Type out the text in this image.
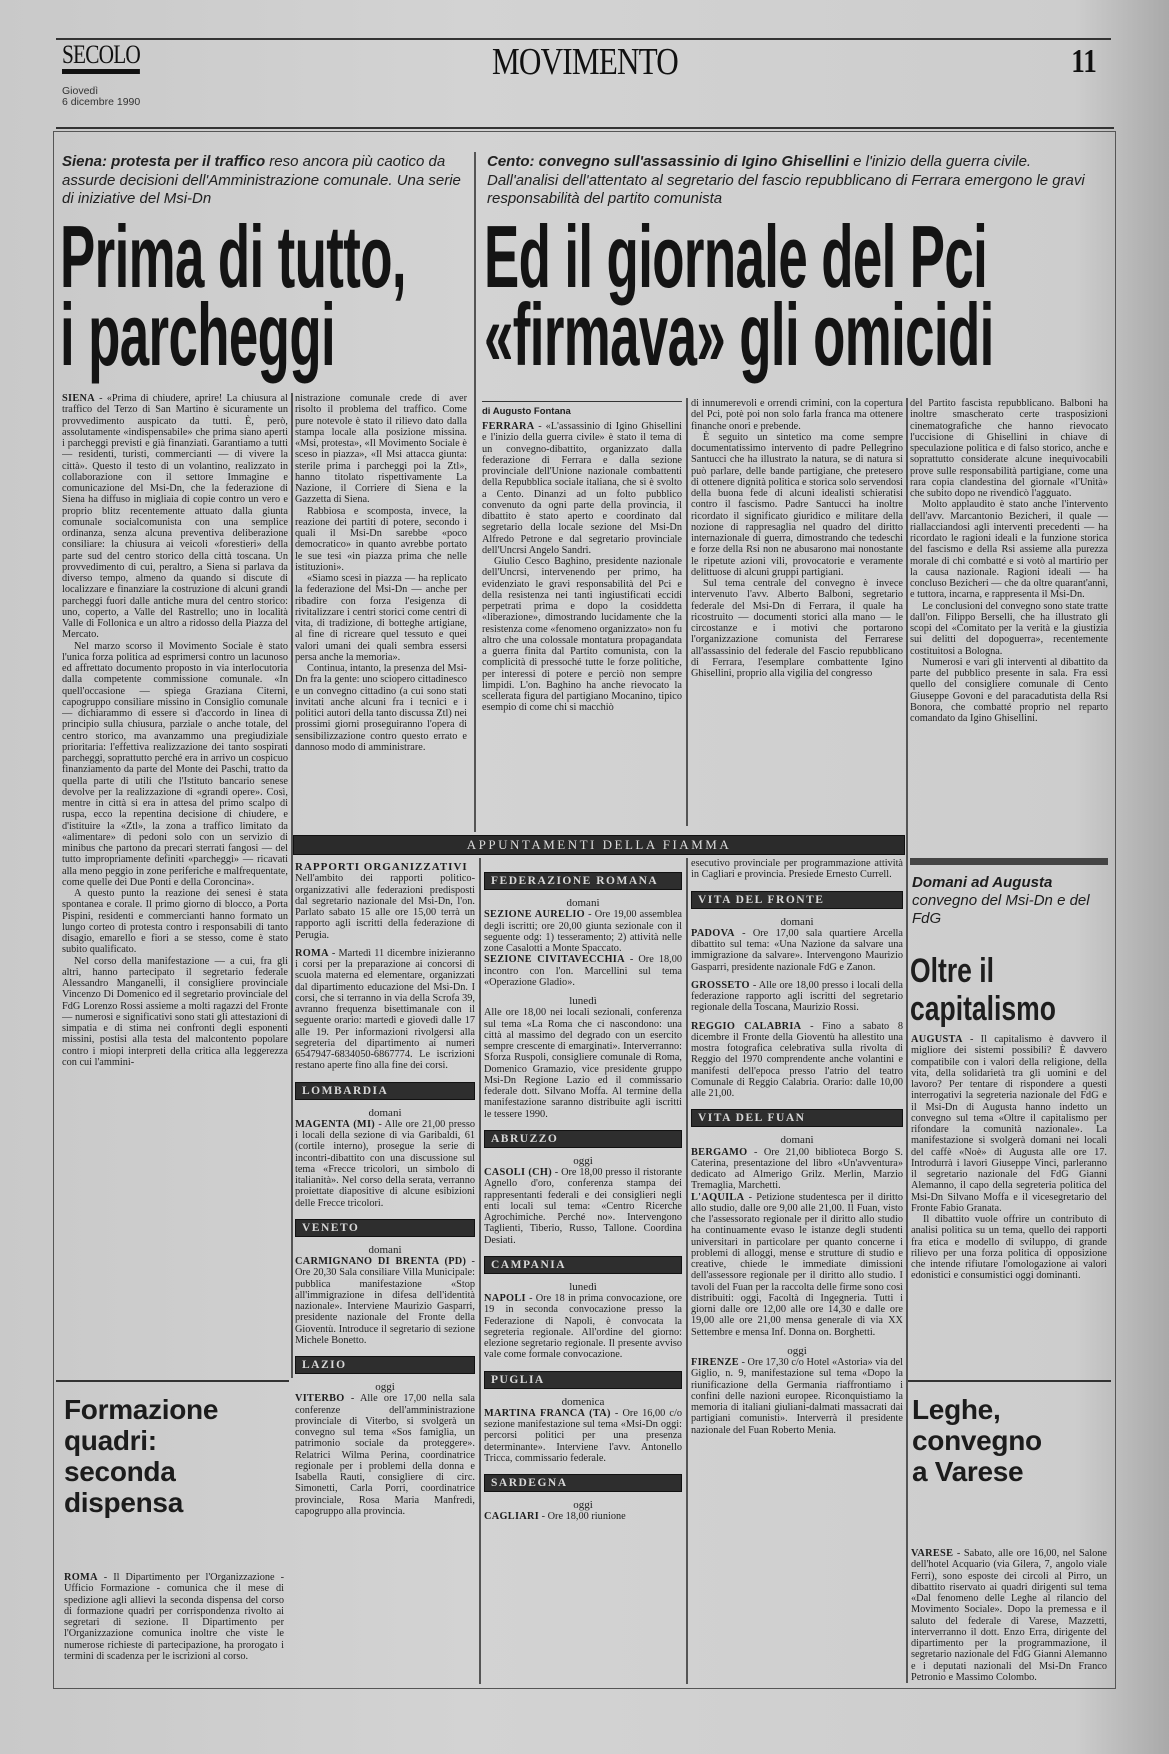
SECOLO
Giovedì
6 dicembre 1990
MOVIMENTO	11
Siena: protesta per il traffico reso ancora più caotico da assurde decisioni dell'Amministrazione comunale. Una serie di iniziative del Msi-Dn
Prima di tutto,
i parcheggi

SIENA - «Prima di chiudere, aprire! La chiusura al traffico del Terzo di San Martino è sicuramente un provvedimento auspicato da tutti. È, però, assolutamente «indispensabile» che prima siano aperti i parcheggi previsti e già finanziati. Garantiamo a tutti — residenti, turisti, commercianti — di vivere la città». Questo il testo di un volantino, realizzato in collaborazione con il settore Immagine e comunicazione del Msi-Dn, che la federazione di Siena ha diffuso in migliaia di copie contro un vero e proprio blitz recentemente attuato dalla giunta comunale socialcomunista con una semplice ordinanza, senza alcuna preventiva deliberazione consiliare: la chiusura ai veicoli «forestieri» della parte sud del centro storico della città toscana. Un provvedimento di cui, peraltro, a Siena si parlava da diverso tempo, almeno da quando si discute di localizzare e finanziare la costruzione di alcuni grandi parcheggi fuori dalle antiche mura del centro storico: uno, coperto, a Valle del Rastrello; uno in località Valle di Follonica e un altro a ridosso della Piazza del Mercato.

Nel marzo scorso il Movimento Sociale è stato l'unica forza politica ad esprimersi contro un lacunoso ed affrettato documento proposto in via interlocutoria dalla competente commissione comunale. «In quell'occasione — spiega Graziana Citerni, capogruppo consiliare missino in Consiglio comunale — dichiarammo di essere sì d'accordo in linea di principio sulla chiusura, parziale o anche totale, del centro storico, ma avanzammo una pregiudiziale prioritaria: l'effettiva realizzazione dei tanto sospirati parcheggi, soprattutto perché era in arrivo un cospicuo finanziamento da parte del Monte dei Paschi, tratto da quella parte di utili che l'Istituto bancario senese devolve per la realizzazione di «grandi opere». Così, mentre in città si era in attesa del primo scalpo di ruspa, ecco la repentina decisione di chiudere, e d'istituire la «Ztl», la zona a traffico limitato da «alimentare» di pedoni solo con un servizio di minibus che partono da precari sterrati fangosi — del tutto impropriamente definiti «parcheggi» — ricavati alla meno peggio in zone periferiche e malfrequentate, come quelle dei Due Ponti e della Coroncina».

A questo punto la reazione dei senesi è stata spontanea e corale. Il primo giorno di blocco, a Porta Pispini, residenti e commercianti hanno formato un lungo corteo di protesta contro i responsabili di tanto disagio, emarello e fiori a se stesso, come è stato subito qualificato.

Nel corso della manifestazione — a cui, fra gli altri, hanno partecipato il segretario federale Alessandro Manganelli, il consigliere provinciale Vincenzo Di Domenico ed il segretario provinciale del FdG Lorenzo Rossi assieme a molti ragazzi del Fronte — numerosi e significativi sono stati gli attestazioni di simpatia e di stima nei confronti degli esponenti missini, postisi alla testa del malcontento popolare contro i miopi interpreti della critica alla leggerezza con cui l'ammini-

nistrazione comunale crede di aver risolto il problema del traffico. Come pure notevole è stato il rilievo dato dalla stampa locale alla posizione missina. «Msi, protesta», «Il Movimento Sociale è sceso in piazza», «Il Msi attacca giunta: sterile prima i parcheggi poi la Ztl», hanno titolato rispettivamente La Nazione, il Corriere di Siena e la Gazzetta di Siena.

Rabbiosa e scomposta, invece, la reazione dei partiti di potere, secondo i quali il Msi-Dn sarebbe «poco democratico» in quanto avrebbe portato le sue tesi «in piazza prima che nelle istituzioni».

«Siamo scesi in piazza — ha replicato la federazione del Msi-Dn — anche per ribadire con forza l'esigenza di rivitalizzare i centri storici come centri di vita, di tradizione, di botteghe artigiane, al fine di ricreare quel tessuto e quei valori umani dei quali sembra essersi persa anche la memoria».

Continua, intanto, la presenza del Msi-Dn fra la gente: uno sciopero cittadinesco e un convegno cittadino (a cui sono stati invitati anche alcuni fra i tecnici e i politici autori della tanto discussa Ztl) nei prossimi giorni proseguiranno l'opera di sensibilizzazione contro questo errato e dannoso modo di amministrare.

Cento: convegno sull'assassinio di Igino Ghisellini e l'inizio della guerra civile. Dall'analisi dell'attentato al segretario del fascio repubblicano di Ferrara emergono le gravi responsabilità del partito comunista
Ed il giornale del Pci
«firmava» gli omicidi
di Augusto Fontana

FERRARA - «L'assassinio di Igino Ghisellini e l'inizio della guerra civile» è stato il tema di un convegno-dibattito, organizzato dalla federazione di Ferrara e dalla sezione provinciale dell'Unione nazionale combattenti della Repubblica sociale italiana, che si è svolto a Cento. Dinanzi ad un folto pubblico convenuto da ogni parte della provincia, il dibattito è stato aperto e coordinato dal segretario della locale sezione del Msi-Dn Alfredo Petrone e dal segretario provinciale dell'Uncrsi Angelo Sandri.

Giulio Cesco Baghino, presidente nazionale dell'Uncrsi, intervenendo per primo, ha evidenziato le gravi responsabilità del Pci e della resistenza nei tanti ingiustificati eccidi perpetrati prima e dopo la cosiddetta «liberazione», dimostrando lucidamente che la resistenza come «fenomeno organizzato» non fu altro che una colossale montatura propagandata a guerra finita dal Partito comunista, con la complicità di pressoché tutte le forze politiche, per interessi di potere e perciò non sempre limpidi. L'on. Baghino ha anche rievocato la scellerata figura del partigiano Mocanino, tipico esempio di come chi si macchiò

di innumerevoli e orrendi crimini, con la copertura del Pci, potè poi non solo farla franca ma ottenere finanche onori e prebende.

È seguito un sintetico ma come sempre documentatissimo intervento di padre Pellegrino Santucci che ha illustrato la natura, se di natura si può parlare, delle bande partigiane, che pretesero di ottenere dignità politica e storica solo servendosi della buona fede di alcuni idealisti schieratisi contro il fascismo. Padre Santucci ha inoltre ricordato il significato giuridico e militare della nozione di rappresaglia nel quadro del diritto internazionale di guerra, dimostrando che tedeschi e forze della Rsi non ne abusarono mai nonostante le ripetute azioni vili, provocatorie e veramente delittuose di alcuni gruppi partigiani.

Sul tema centrale del convegno è invece intervenuto l'avv. Alberto Balboni, segretario federale del Msi-Dn di Ferrara, il quale ha ricostruito — documenti storici alla mano — le circostanze e i motivi che portarono l'organizzazione comunista del Ferrarese all'assassinio del federale del Fascio repubblicano di Ferrara, l'esemplare combattente Igino Ghisellini, proprio alla vigilia del congresso

del Partito fascista repubblicano. Balboni ha inoltre smascherato certe trasposizioni cinematografiche che hanno rievocato l'uccisione di Ghisellini in chiave di speculazione politica e di falso storico, anche e soprattutto considerate alcune inequivocabili prove sulle responsabilità partigiane, come una rara copia clandestina del giornale «l'Unità» che subito dopo ne rivendicò l'agguato.

Molto applaudito è stato anche l'intervento dell'avv. Marcantonio Bezicheri, il quale — riallacciandosi agli interventi precedenti — ha ricordato le ragioni ideali e la funzione storica del fascismo e della Rsi assieme alla purezza morale di chi combatté e si votò al martirio per la causa nazionale. Ragioni ideali — ha concluso Bezicheri — che da oltre quarant'anni, e tuttora, incarna, e rappresenta il Msi-Dn.

Le conclusioni del convegno sono state tratte dall'on. Filippo Berselli, che ha illustrato gli scopi del «Comitato per la verità e la giustizia sui delitti del dopoguerra», recentemente costituitosi a Bologna.

Numerosi e vari gli interventi al dibattito da parte del pubblico presente in sala. Fra essi quello del consigliere comunale di Cento Giuseppe Govoni e del paracadutista della Rsi Bonora, che combatté proprio nel reparto comandato da Igino Ghisellini.

APPUNTAMENTI DELLA FIAMMA

RAPPORTI ORGANIZZATIVI

Nell'ambito dei rapporti politico-organizzativi alle federazioni predisposti dal segretario nazionale del Msi-Dn, l'on. Parlato sabato 15 alle ore 15,00 terrà un rapporto agli iscritti della federazione di Perugia.

ROMA - Martedì 11 dicembre inizieranno i corsi per la preparazione ai concorsi di scuola materna ed elementare, organizzati dal dipartimento educazione del Msi-Dn. I corsi, che si terranno in via della Scrofa 39, avranno frequenza bisettimanale con il seguente orario: martedì e giovedì dalle 17 alle 19. Per informazioni rivolgersi alla segreteria del dipartimento ai numeri 6547947-6834050-6867774. Le iscrizioni restano aperte fino alla fine dei corsi.

LOMBARDIA

domani

MAGENTA (MI) - Alle ore 21,00 presso i locali della sezione di via Garibaldi, 61 (cortile interno), prosegue la serie di incontri-dibattito con una discussione sul tema «Frecce tricolori, un simbolo di italianità». Nel corso della serata, verranno proiettate diapositive di alcune esibizioni delle Frecce tricolori.

VENETO

domani

CARMIGNANO DI BRENTA (PD) - Ore 20,30 Sala consiliare Villa Municipale: pubblica manifestazione «Stop all'immigrazione in difesa dell'identità nazionale». Interviene Maurizio Gasparri, presidente nazionale del Fronte della Gioventù. Introduce il segretario di sezione Michele Bonetto.

LAZIO

oggi

VITERBO - Alle ore 17,00 nella sala conferenze dell'amministrazione provinciale di Viterbo, si svolgerà un convegno sul tema «Sos famiglia, un patrimonio sociale da proteggere». Relatrici Wilma Perina, coordinatrice regionale per i problemi della donna e Isabella Rauti, consigliere di circ. Simonetti, Carla Porri, coordinatrice provinciale, Rosa Maria Manfredi, capogruppo alla provincia.

FEDERAZIONE ROMANA

domani

SEZIONE AURELIO - Ore 19,00 assemblea degli iscritti; ore 20,00 giunta sezionale con il seguente odg: 1) tesseramento; 2) attività nelle zone Casalotti a Monte Spaccato.

SEZIONE CIVITAVECCHIA - Ore 18,00 incontro con l'on. Marcellini sul tema «Operazione Gladio».

lunedì

Alle ore 18,00 nei locali sezionali, conferenza sul tema «La Roma che ci nascondono: una città al massimo del degrado con un esercito sempre crescente di emarginati». Interverranno: Sforza Ruspoli, consigliere comunale di Roma, Domenico Gramazio, vice presidente gruppo Msi-Dn Regione Lazio ed il commissario federale dott. Silvano Moffa. Al termine della manifestazione saranno distribuite agli iscritti le tessere 1990.

ABRUZZO

oggi

CASOLI (CH) - Ore 18,00 presso il ristorante Agnello d'oro, conferenza stampa dei rappresentanti federali e dei consiglieri negli enti locali sul tema: «Centro Ricerche Agrochimiche. Perché no». Intervengono Taglienti, Tiberio, Russo, Tallone. Coordina Desiati.

CAMPANIA

lunedì

NAPOLI - Ore 18 in prima convocazione, ore 19 in seconda convocazione presso la Federazione di Napoli, è convocata la segreteria regionale. All'ordine del giorno: elezione segretario regionale. Il presente avviso vale come formale convocazione.

PUGLIA

domenica

MARTINA FRANCA (TA) - Ore 16,00 c/o sezione manifestazione sul tema «Msi-Dn oggi: percorsi politici per una presenza determinante». Interviene l'avv. Antonello Tricca, commissario federale.

SARDEGNA

oggi

CAGLIARI - Ore 18,00 riunione

esecutivo provinciale per programmazione attività in Cagliari e provincia. Presiede Ernesto Currell.

VITA DEL FRONTE

domani

PADOVA - Ore 17,00 sala quartiere Arcella dibattito sul tema: «Una Nazione da salvare una immigrazione da salvare». Intervengono Maurizio Gasparri, presidente nazionale FdG e Zanon.

GROSSETO - Alle ore 18,00 presso i locali della federazione rapporto agli iscritti del segretario regionale della Toscana, Maurizio Rossi.

REGGIO CALABRIA - Fino a sabato 8 dicembre il Fronte della Gioventù ha allestito una mostra fotografica celebrativa sulla rivolta di Reggio del 1970 comprendente anche volantini e manifesti dell'epoca presso l'atrio del teatro Comunale di Reggio Calabria. Orario: dalle 10,00 alle 21,00.

VITA DEL FUAN

domani

BERGAMO - Ore 21,00 biblioteca Borgo S. Caterina, presentazione del libro «Un'avventura» dedicato ad Almerigo Grilz. Merlin, Marzio Tremaglia, Marchetti.

L'AQUILA - Petizione studentesca per il diritto allo studio, dalle ore 9,00 alle 21,00. Il Fuan, visto che l'assessorato regionale per il diritto allo studio ha continuamente evaso le istanze degli studenti universitari in particolare per quanto concerne i problemi di alloggi, mense e strutture di studio e creative, chiede le immediate dimissioni dell'assessore regionale per il diritto allo studio. I tavoli del Fuan per la raccolta delle firme sono così distribuiti: oggi, Facoltà di Ingegneria. Tutti i giorni dalle ore 12,00 alle ore 14,30 e dalle ore 19,00 alle ore 21,00 mensa generale di via XX Settembre e mensa Inf. Donna on. Borghetti.

oggi

FIRENZE - Ore 17,30 c/o Hotel «Astoria» via del Giglio, n. 9, manifestazione sul tema «Dopo la riunificazione della Germania riaffrontiamo i confini delle nazioni europee. Riconquistiamo la memoria di italiani giuliani-dalmati massacrati dai partigiani comunisti». Interverrà il presidente nazionale del Fuan Roberto Menia.

Domani ad Augusta
convegno del Msi-Dn e del FdG
Oltre il
capitalismo

AUGUSTA - Il capitalismo è davvero il migliore dei sistemi possibili? È davvero compatibile con i valori della religione, della vita, della solidarietà tra gli uomini e del lavoro? Per tentare di rispondere a questi interrogativi la segreteria nazionale del FdG e il Msi-Dn di Augusta hanno indetto un convegno sul tema «Oltre il capitalismo per rifondare la comunità nazionale». La manifestazione si svolgerà domani nei locali del caffè «Noè» di Augusta alle ore 17. Introdurrà i lavori Giuseppe Vinci, parleranno il segretario nazionale del FdG Gianni Alemanno, il capo della segreteria politica del Msi-Dn Silvano Moffa e il vicesegretario del Fronte Fabio Granata.

Il dibattito vuole offrire un contributo di analisi politica su un tema, quello dei rapporti fra etica e modello di sviluppo, di grande rilievo per una forza politica di opposizione che intende rifiutare l'omologazione ai valori edonistici e consumistici oggi dominanti.

Formazione
quadri:
seconda
dispensa

ROMA - Il Dipartimento per l'Organizzazione - Ufficio Formazione - comunica che il mese di spedizione agli allievi la seconda dispensa del corso di formazione quadri per corrispondenza rivolto ai segretari di sezione. Il Dipartimento per l'Organizzazione comunica inoltre che viste le numerose richieste di partecipazione, ha prorogato i termini di scadenza per le iscrizioni al corso.

Leghe,
convegno
a Varese

VARESE - Sabato, alle ore 16,00, nel Salone dell'hotel Acquario (via Gilera, 7, angolo viale Ferri), sono esposte dei circoli al Pirro, un dibattito riservato ai quadri dirigenti sul tema «Dal fenomeno delle Leghe al rilancio del Movimento Sociale». Dopo la premessa e il saluto del federale di Varese, Mazzetti, interverranno il dott. Enzo Erra, dirigente del dipartimento per la programmazione, il segretario nazionale del FdG Gianni Alemanno e i deputati nazionali del Msi-Dn Franco Petronio e Massimo Colombo.
